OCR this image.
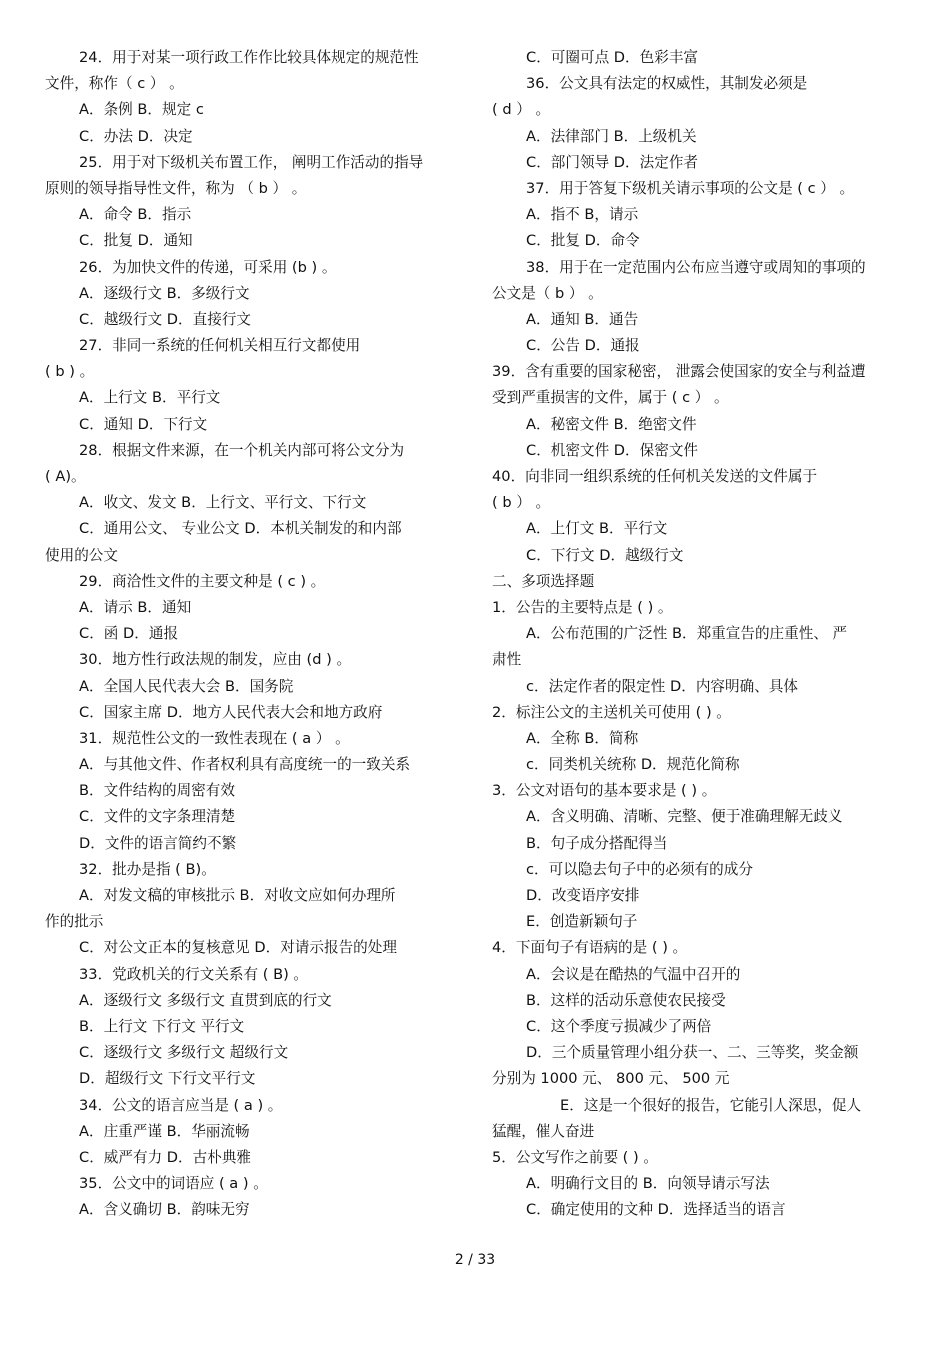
24．用于对某一项行政工作作比较具体规定的规范性
文件，称作（ c ） 。
A．条例 B．规定 c
C．办法 D．决定
25．用于对下级机关布置工作， 阐明工作活动的指导
原则的领导指导性文件，称为 （ b ） 。
A．命令 B．指示
C．批复 D．通知
26．为加快文件的传递，可采用 (b ) 。
A．逐级行文 B．多级行文
C．越级行文 D．直接行文
27．非同一系统的任何机关相互行文都使用
( b ) 。
A．上行文 B．平行文
C．通知 D．下行文
28．根据文件来源，在一个机关内部可将公文分为
( A)。
A．收文、发文 B．上行文、平行文、下行文
C．通用公文、 专业公文 D．本机关制发的和内部
使用的公文
29．商洽性文件的主要文种是 ( c ) 。
A．请示 B．通知
C．函 D．通报
30．地方性行政法规的制发，应由 (d ) 。
A．全国人民代表大会 B．国务院
C．国家主席 D．地方人民代表大会和地方政府
31．规范性公文的一致性表现在 ( a ） 。
A．与其他文件、作者权利具有高度统一的一致关系
B．文件结构的周密有效
C．文件的文字条理清楚
D．文件的语言简约不繁
32．批办是指 ( B)。
A．对发文稿的审核批示 B．对收文应如何办理所
作的批示
C．对公文正本的复核意见 D．对请示报告的处理
33．党政机关的行文关系有 ( B) 。
A．逐级行文 多级行文 直贯到底的行文
B．上行文 下行文 平行文
C．逐级行文 多级行文 超级行文
D．超级行文 下行文平行文
34．公文的语言应当是 ( a ) 。
A．庄重严谨 B．华丽流畅
C．威严有力 D．古朴典雅
35．公文中的词语应 ( a ) 。
A．含义确切 B．韵味无穷
C．可圈可点 D．色彩丰富
36．公文具有法定的权威性，其制发必须是
( d ） 。
A．法律部门 B．上级机关
C．部门领导 D．法定作者
37．用于答复下级机关请示事项的公文是 ( c ） 。
A．指不 B，请示
C．批复 D．命令
38．用于在一定范围内公布应当遵守或周知的事项的
公文是（ b ） 。
A．通知 B．通告
C．公告 D．通报
39．含有重要的国家秘密， 泄露会使国家的安全与利益遭
受到严重损害的文件，属于 ( c ） 。
A．秘密文件 B．绝密文件
C．机密文件 D．保密文件
40．向非同一组织系统的任何机关发送的文件属于
( b ） 。
A．上仃文 B．平行文
C．下行文 D．越级行文
二、多项选择题
1．公告的主要特点是 ( ) 。
A．公布范围的广泛性 B．郑重宣告的庄重性、 严
肃性
c．法定作者的限定性 D．内容明确、具体
2．标注公文的主送机关可使用 ( ) 。
A．全称 B．简称
c．同类机关统称 D．规范化简称
3．公文对语句的基本要求是 ( ) 。
A．含义明确、清晰、完整、便于准确理解无歧义
B．句子成分搭配得当
c．可以隐去句子中的必须有的成分
D．改变语序安排
E．创造新颖句子
4．下面句子有语病的是 ( ) 。
A．会议是在酷热的气温中召开的
B．这样的活动乐意使农民接受
C．这个季度亏损减少了两倍
D．三个质量管理小组分获一、二、三等奖，奖金额
分别为 1000 元、 800 元、 500 元
E．这是一个很好的报告，它能引人深思，促人
猛醒，催人奋进
5．公文写作之前要 ( ) 。
A．明确行文目的 B．向领导请示写法
C．确定使用的文种 D．选择适当的语言
2 / 33
